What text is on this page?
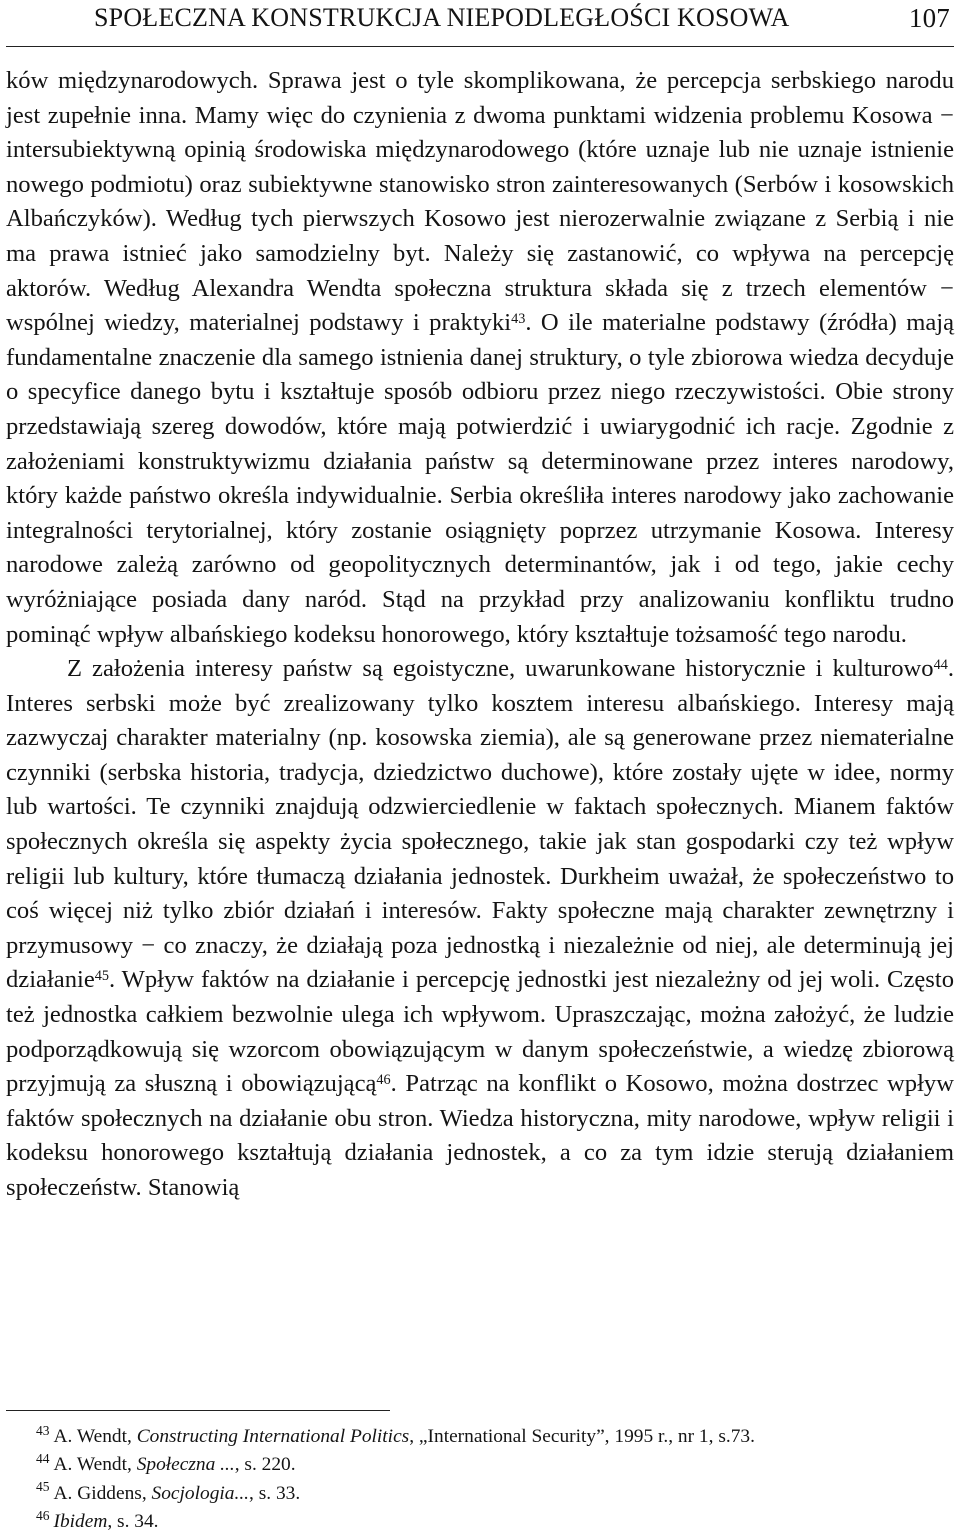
SPOŁECZNA KONSTRUKCJA NIEPODLEGŁOŚCI KOSOWA	107

ków międzynarodowych. Sprawa jest o tyle skomplikowana, że percepcja serbskiego narodu jest zupełnie inna. Mamy więc do czynienia z dwoma punktami widzenia problemu Kosowa − intersubiektywną opinią środowiska międzynarodowego (które uznaje lub nie uznaje istnienie nowego podmiotu) oraz subiektywne stanowisko stron zainteresowanych (Serbów i kosowskich Albańczyków). Według tych pierwszych Kosowo jest nierozerwalnie związane z Serbią i nie ma prawa istnieć jako samodzielny byt. Należy się zastanowić, co wpływa na percepcję aktorów. Według Alexandra Wendta społeczna struktura składa się z trzech elementów − wspólnej wiedzy, materialnej podstawy i praktyki$^{43}$. O ile materialne podstawy (źródła) mają fundamentalne znaczenie dla samego istnienia danej struktury, o tyle zbiorowa wiedza decyduje o specyfice danego bytu i kształtuje sposób odbioru przez niego rzeczywistości. Obie strony przedstawiają szereg dowodów, które mają potwierdzić i uwiarygodnić ich racje. Zgodnie z założeniami konstruktywizmu działania państw są determinowane przez interes narodowy, który każde państwo określa indywidualnie. Serbia określiła interes narodowy jako zachowanie integralności terytorialnej, który zostanie osiągnięty poprzez utrzymanie Kosowa. Interesy narodowe zależą zarówno od geopolitycznych determinantów, jak i od tego, jakie cechy wyróżniające posiada dany naród. Stąd na przykład przy analizowaniu konfliktu trudno pominąć wpływ albańskiego kodeksu honorowego, który kształtuje tożsamość tego narodu.

Z założenia interesy państw są egoistyczne, uwarunkowane historycznie i kulturowo$^{44}$. Interes serbski może być zrealizowany tylko kosztem interesu albańskiego. Interesy mają zazwyczaj charakter materialny (np. kosowska ziemia), ale są generowane przez niematerialne czynniki (serbska historia, tradycja, dziedzictwo duchowe), które zostały ujęte w idee, normy lub wartości. Te czynniki znajdują odzwierciedlenie w faktach społecznych. Mianem faktów społecznych określa się aspekty życia społecznego, takie jak stan gospodarki czy też wpływ religii lub kultury, które tłumaczą działania jednostek. Durkheim uważał, że społeczeństwo to coś więcej niż tylko zbiór działań i interesów. Fakty społeczne mają charakter zewnętrzny i przymusowy − co znaczy, że działają poza jednostką i niezależnie od niej, ale determinują jej działanie$^{45}$. Wpływ faktów na działanie i percepcję jednostki jest niezależny od jej woli. Często też jednostka całkiem bezwolnie ulega ich wpływom. Upraszczając, można założyć, że ludzie podporządkowują się wzorcom obowiązującym w danym społeczeństwie, a wiedzę zbiorową przyjmują za słuszną i obowiązującą$^{46}$. Patrząc na konflikt o Kosowo, można dostrzec wpływ faktów społecznych na działanie obu stron. Wiedza historyczna, mity narodowe, wpływ religii i kodeksu honorowego kształtują działania jednostek, a co za tym idzie sterują działaniem społeczeństw. Stanowią

$^{43}$ A. Wendt, Constructing International Politics, „International Security”, 1995 r., nr 1, s.73.
$^{44}$ A. Wendt, Społeczna ..., s. 220.
$^{45}$ A. Giddens, Socjologia..., s. 33.
$^{46}$ Ibidem, s. 34.
